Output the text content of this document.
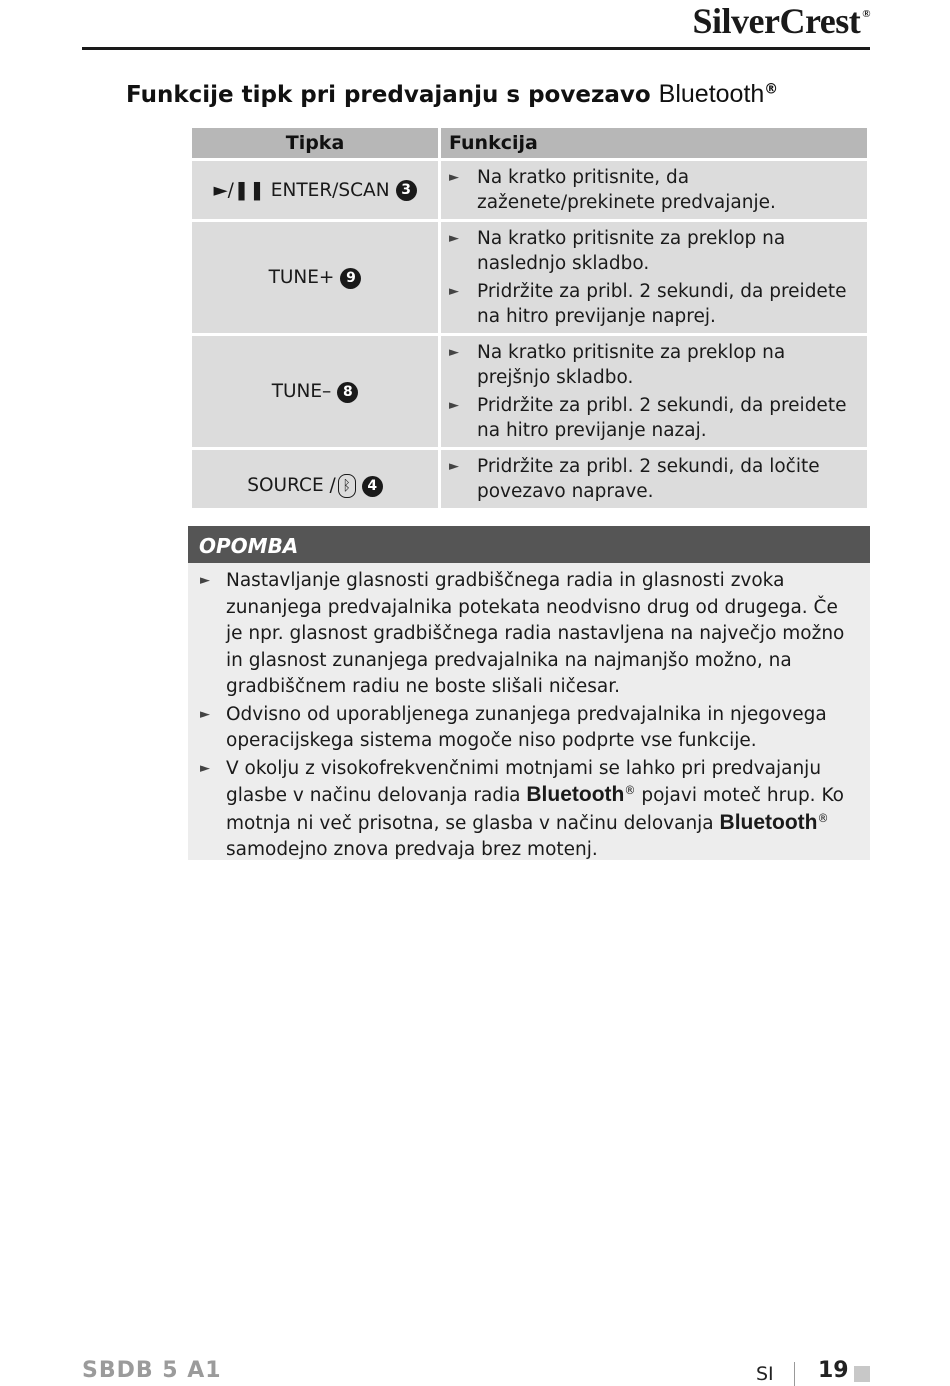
SilverCrest ®
Funkcije tipk pri predvajanju s povezavo Bluetooth®
Tipka	Funkcija
►/❚❚ ENTER/SCAN 3	► Na kratko pritisnite, da zaženete/prekinete predvajanje.

TUNE+ 9	► Na kratko pritisnite za preklop na naslednjo skladbo.
► Pridržite za pribl. 2 sekundi, da preidete na hitro previjanje naprej.

TUNE– 8	► Na kratko pritisnite za preklop na prejšnjo skladbo.
► Pridržite za pribl. 2 sekundi, da preidete na hitro previjanje nazaj.

SOURCE / ᛒ 4	► Pridržite za pribl. 2 sekundi, da ločite povezavo naprave.
OPOMBA
► Nastavljanje glasnosti gradbiščnega radia in glasnosti zvoka zunanjega predvajalnika potekata neodvisno drug od drugega. Če je npr. glasnost gradbiščnega radia nastavljena na največjo možno in glasnost zunanjega predvajalnika na najmanjšo možno, na gradbiščnem radiu ne boste slišali ničesar.
► Odvisno od uporabljenega zunanjega predvajalnika in njegovega operacijskega sistema mogoče niso podprte vse funkcije.
► V okolju z visokofrekvenčnimi motnjami se lahko pri predvajanju glasbe v načinu delovanja radia Bluetooth® pojavi moteč hrup. Ko motnja ni več prisotna, se glasba v načinu delovanja Bluetooth® samodejno znova predvaja brez motenj.
SBDB 5 A1	SI 19
